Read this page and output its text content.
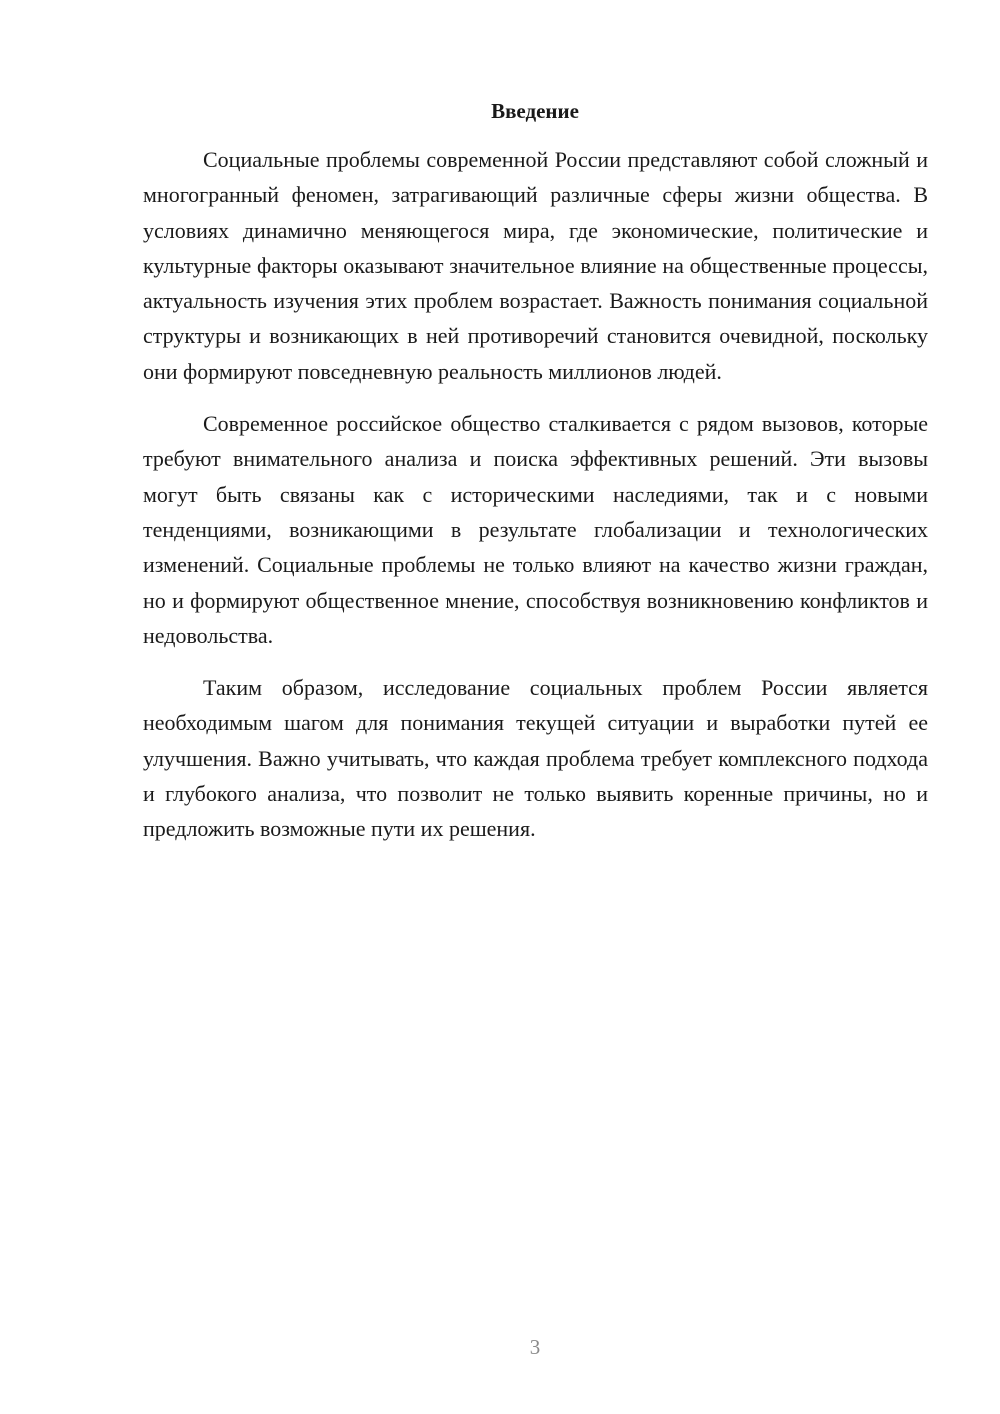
Введение

Социальные проблемы современной России представляют собой сложный и многогранный феномен, затрагивающий различные сферы жизни общества. В условиях динамично меняющегося мира, где экономические, политические и культурные факторы оказывают значительное влияние на общественные процессы, актуальность изучения этих проблем возрастает. Важность понимания социальной структуры и возникающих в ней противоречий становится очевидной, поскольку они формируют повседневную реальность миллионов людей.

Современное российское общество сталкивается с рядом вызовов, которые требуют внимательного анализа и поиска эффективных решений. Эти вызовы могут быть связаны как с историческими наследиями, так и с новыми тенденциями, возникающими в результате глобализации и технологических изменений. Социальные проблемы не только влияют на качество жизни граждан, но и формируют общественное мнение, способствуя возникновению конфликтов и недовольства.

Таким образом, исследование социальных проблем России является необходимым шагом для понимания текущей ситуации и выработки путей ее улучшения. Важно учитывать, что каждая проблема требует комплексного подхода и глубокого анализа, что позволит не только выявить коренные причины, но и предложить возможные пути их решения.

3
